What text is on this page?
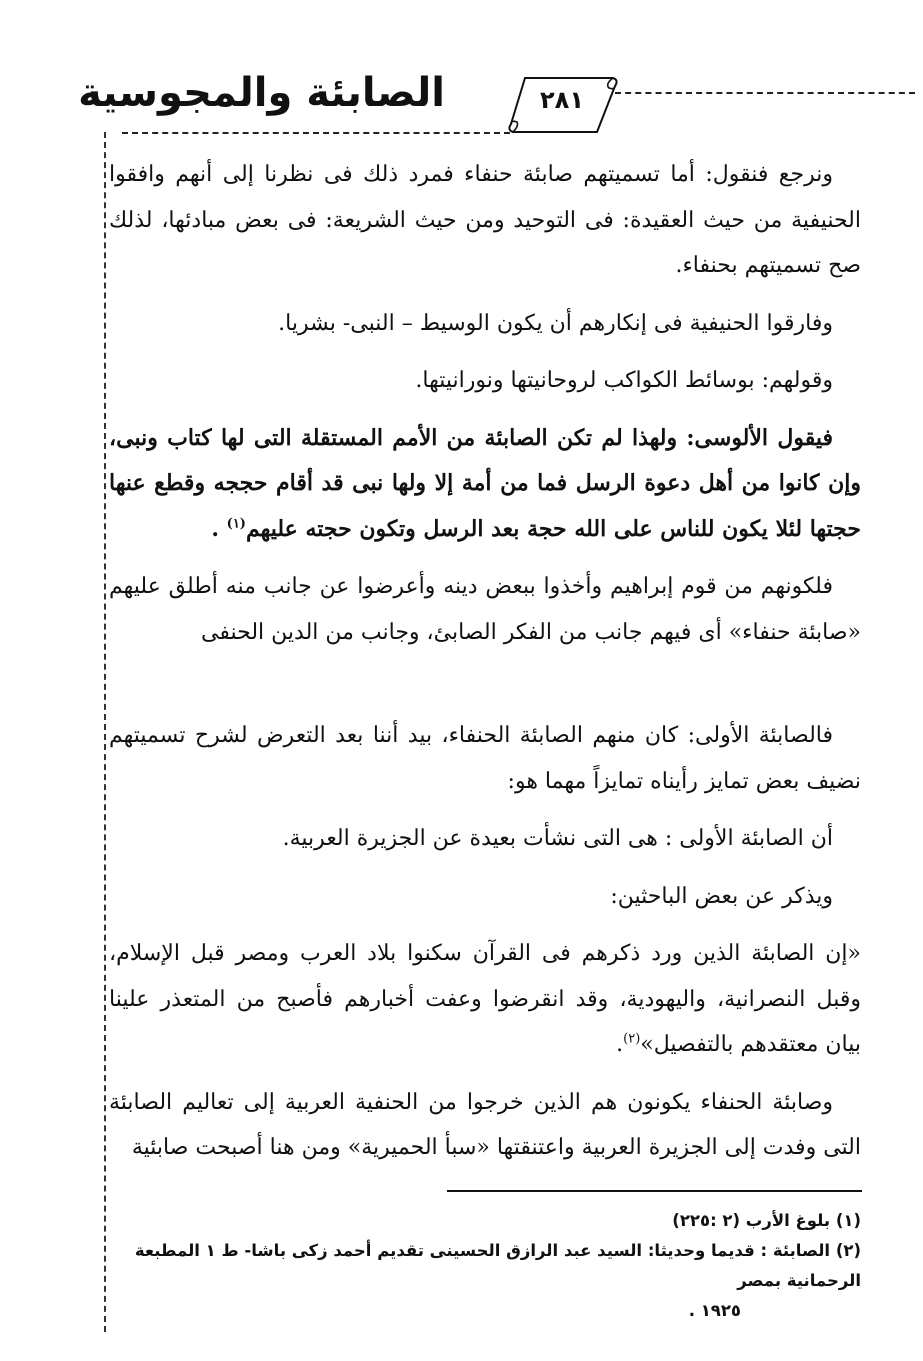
الصابئة والمجوسية	٢٨١

ونرجع فنقول: أما تسميتهم صابئة حنفاء فمرد ذلك فى نظرنا إلى أنهم وافقوا الحنيفية من حيث العقيدة: فى التوحيد ومن حيث الشريعة: فى بعض مبادئها، لذلك صح تسميتهم بحنفاء.

وفارقوا الحنيفية فى إنكارهم أن يكون الوسيط – النبى- بشريا.

وقولهم: بوسائط الكواكب لروحانيتها ونورانيتها.

فيقول الألوسى: ولهذا لم تكن الصابئة من الأمم المستقلة التى لها كتاب ونبى، وإن كانوا من أهل دعوة الرسل فما من أمة إلا ولها نبى قد أقام حججه وقطع عنها حجتها لئلا يكون للناس على الله حجة بعد الرسل وتكون حجته عليهم$^{(١)}$ .

فلكونهم من قوم إبراهيم وأخذوا ببعض دينه وأعرضوا عن جانب منه أطلق عليهم «صابئة حنفاء» أى فيهم جانب من الفكر الصابئ، وجانب من الدين الحنفى

فالصابئة الأولى: كان منهم الصابئة الحنفاء، بيد أننا بعد التعرض لشرح تسميتهم نضيف بعض تمايز رأيناه تمايزاً مهما هو:

أن الصابئة الأولى : هى التى نشأت بعيدة عن الجزيرة العربية.

ويذكر عن بعض الباحثين:

«إن الصابئة الذين ورد ذكرهم فى القرآن سكنوا بلاد العرب ومصر قبل الإسلام، وقبل النصرانية، واليهودية، وقد انقرضوا وعفت أخبارهم فأصبح من المتعذر علينا بيان معتقدهم بالتفصيل»$^{(٢)}$.

وصابئة الحنفاء يكونون هم الذين خرجوا من الحنفية العربية إلى تعاليم الصابئة التى وفدت إلى الجزيرة العربية واعتنقتها «سبأ الحميرية» ومن هنا أصبحت صابئية

(١) بلوغ الأرب (٢ :٢٢٥)

(٢) الصابئة : قديما وحديثا: السيد عبد الرازق الحسينى تقديم أحمد زكى باشا- ط ١ المطبعة الرحمانية بمصر

١٩٢٥ .
